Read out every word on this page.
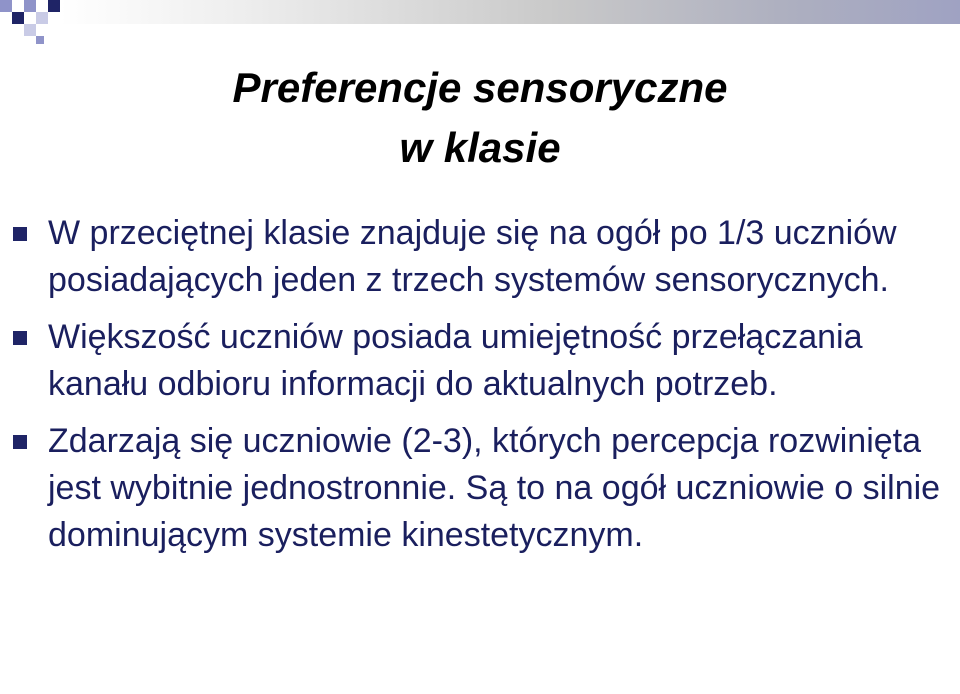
Preferencje sensoryczne
w klasie
W przeciętnej klasie znajduje się na ogół po 1/3 uczniów posiadających jeden z trzech systemów sensorycznych.
Większość uczniów posiada umiejętność przełączania kanału odbioru informacji do aktualnych potrzeb.
Zdarzają się uczniowie (2-3), których percepcja rozwinięta jest wybitnie jednostronnie. Są to na ogół uczniowie o silnie dominującym systemie kinestetycznym.
